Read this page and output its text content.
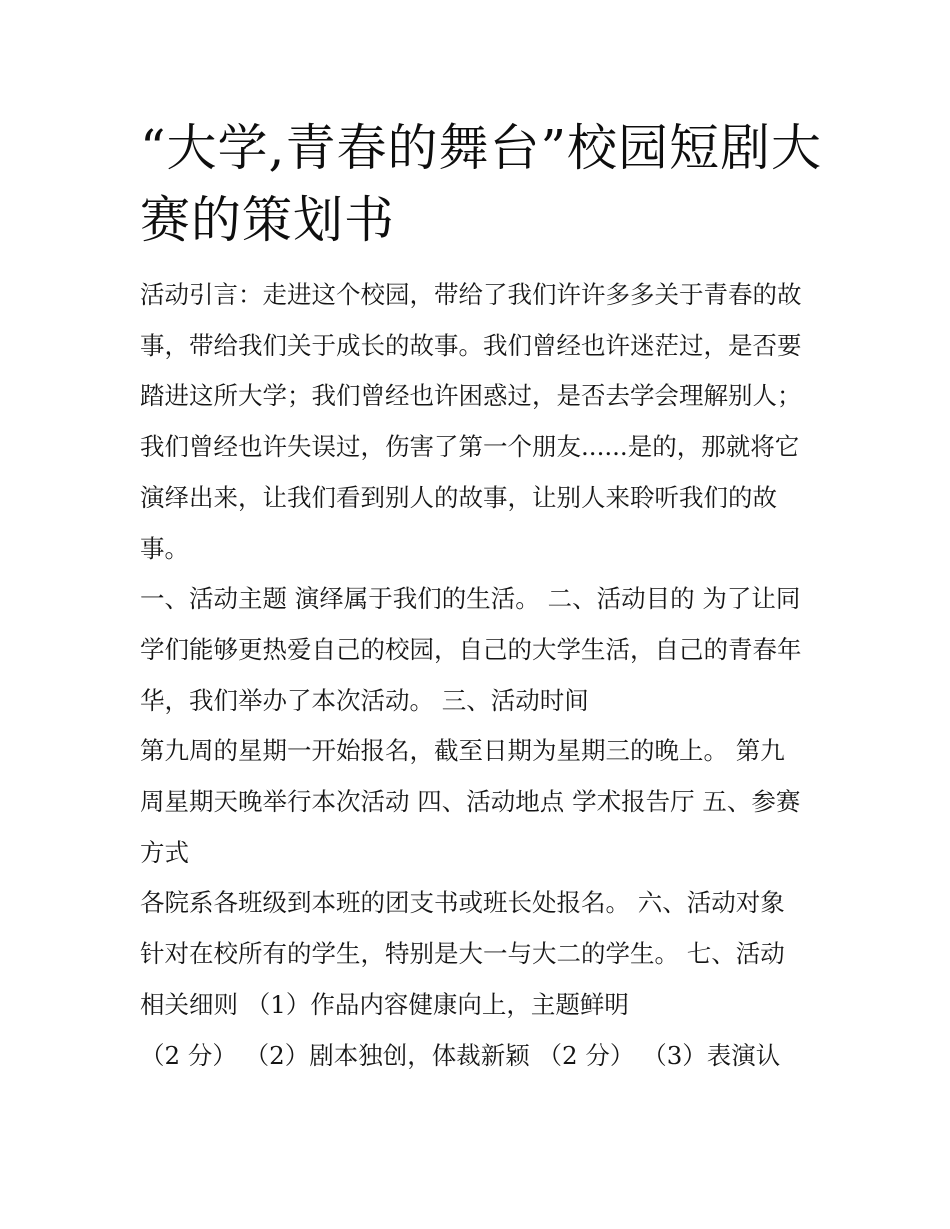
“大学,青春的舞台”校园短剧大
赛的策划书
活动引言：走进这个校园，带给了我们许许多多关于青春的故
事，带给我们关于成长的故事。我们曾经也许迷茫过，是否要
踏进这所大学；我们曾经也许困惑过，是否去学会理解别人；
我们曾经也许失误过，伤害了第一个朋友......是的，那就将它
演绎出来，让我们看到别人的故事，让别人来聆听我们的故
事。
一、活动主题 演绎属于我们的生活。 二、活动目的 为了让同
学们能够更热爱自己的校园，自己的大学生活，自己的青春年
华，我们举办了本次活动。 三、活动时间
第九周的星期一开始报名，截至日期为星期三的晚上。 第九
周星期天晚举行本次活动 四、活动地点 学术报告厅 五、参赛
方式
各院系各班级到本班的团支书或班长处报名。 六、活动对象
针对在校所有的学生，特别是大一与大二的学生。 七、活动
相关细则 （1）作品内容健康向上，主题鲜明
（2 分） （2）剧本独创，体裁新颖 （2 分） （3）表演认
